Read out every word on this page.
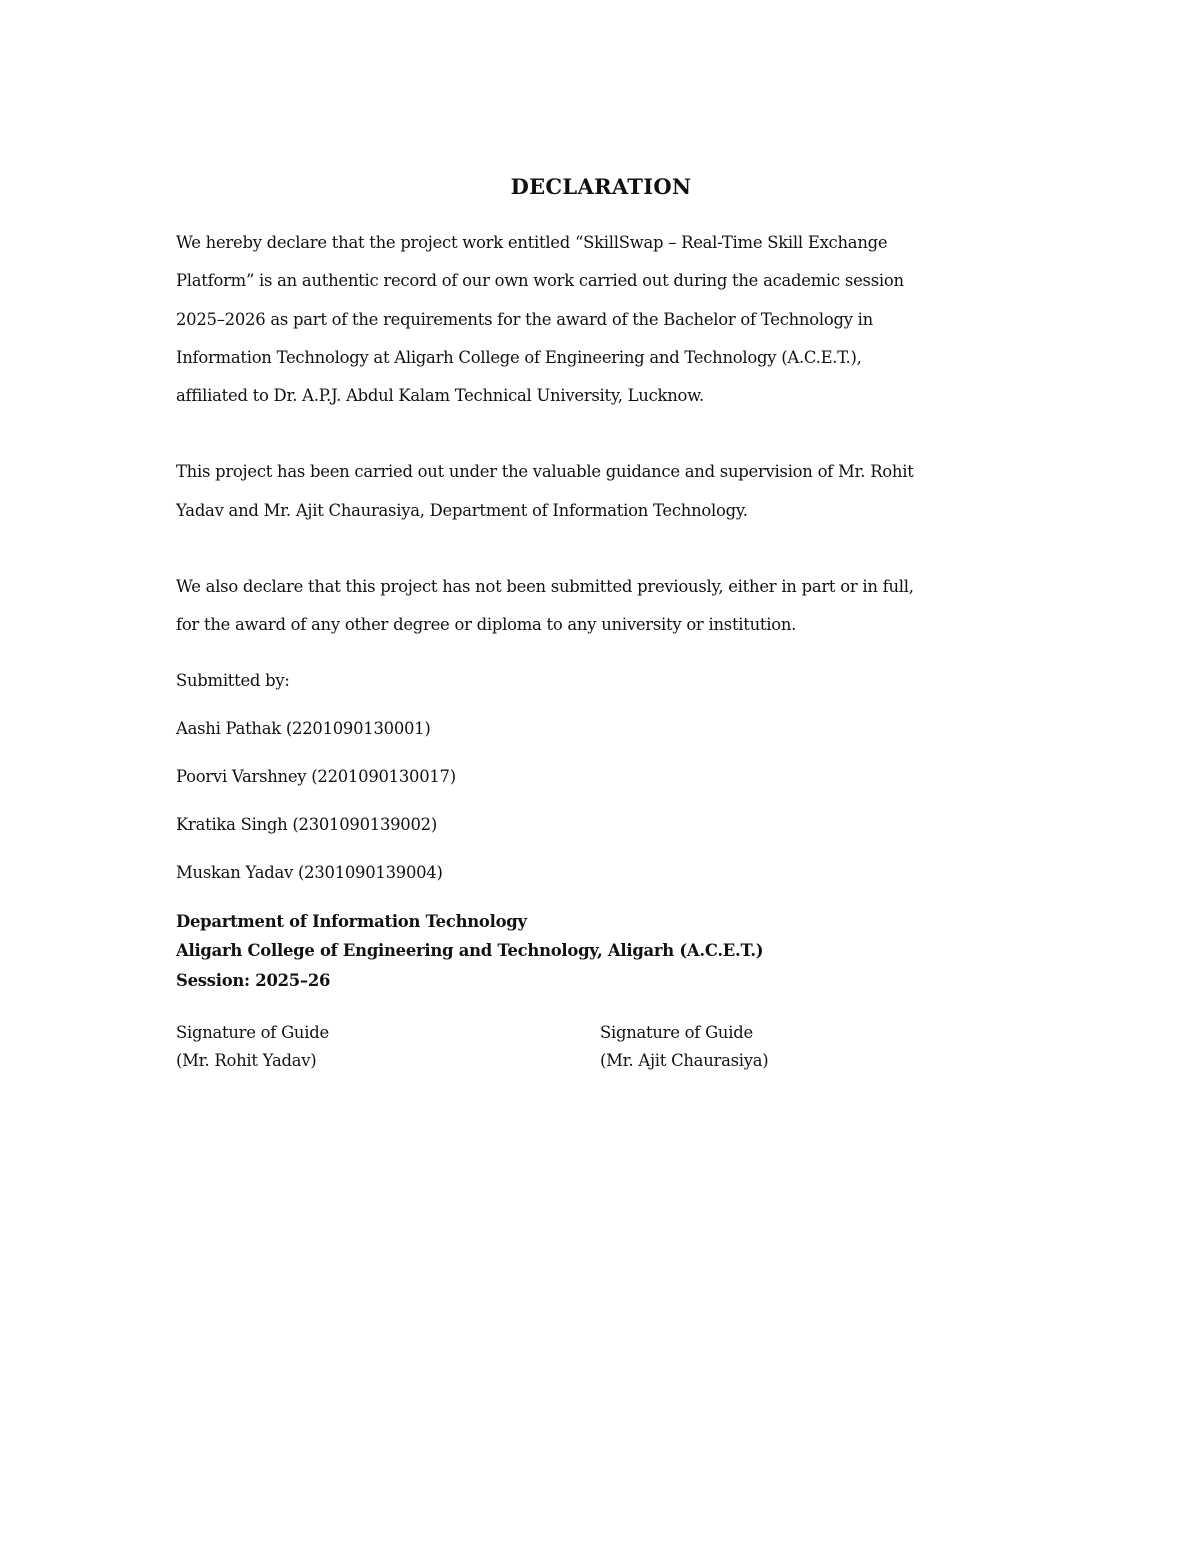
DECLARATION
We hereby declare that the project work entitled “SkillSwap – Real-Time Skill Exchange
Platform” is an authentic record of our own work carried out during the academic session
2025–2026 as part of the requirements for the award of the Bachelor of Technology in
Information Technology at Aligarh College of Engineering and Technology (A.C.E.T.),
affiliated to Dr. A.P.J. Abdul Kalam Technical University, Lucknow.
This project has been carried out under the valuable guidance and supervision of Mr. Rohit
Yadav and Mr. Ajit Chaurasiya, Department of Information Technology.
We also declare that this project has not been submitted previously, either in part or in full,
for the award of any other degree or diploma to any university or institution.
Submitted by:
Aashi Pathak (2201090130001)
Poorvi Varshney (2201090130017)
Kratika Singh (2301090139002)
Muskan Yadav (2301090139004)
Department of Information Technology
Aligarh College of Engineering and Technology, Aligarh (A.C.E.T.)
Session: 2025–26
Signature of Guide
(Mr. Rohit Yadav)
Signature of Guide
(Mr. Ajit Chaurasiya)
